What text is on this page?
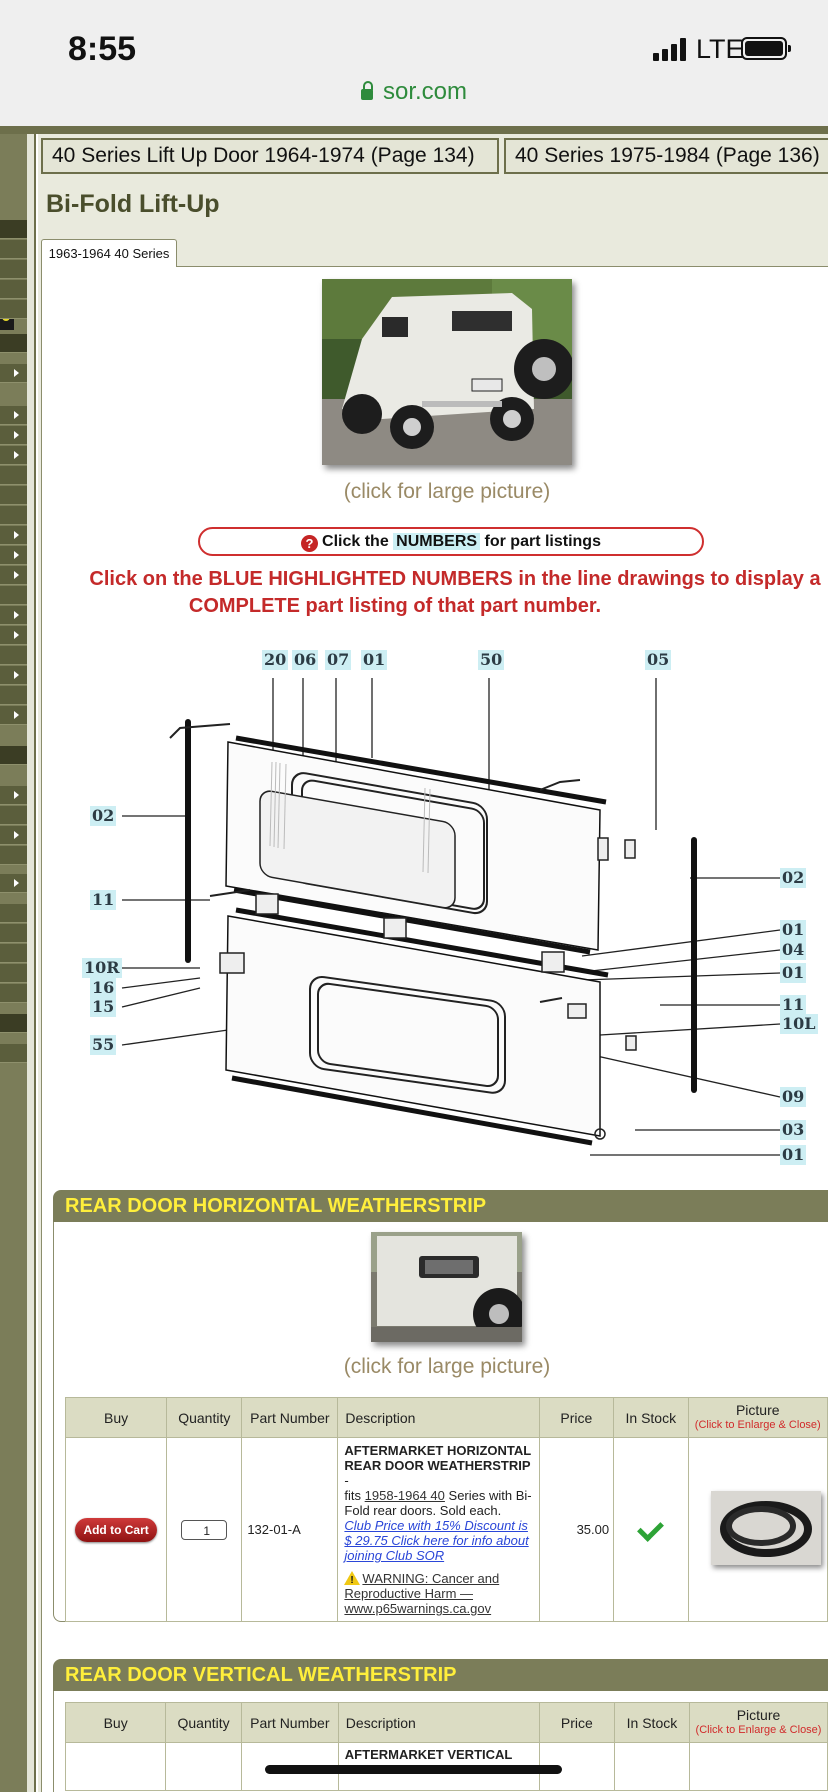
8:55	LTE
sor.com
40 Series Lift Up Door 1964-1974 (Page 134)	40 Series 1975-1984 (Page 136)
Bi-Fold Lift-Up
1963-1964 40 Series
(click for large picture)
? Click the NUMBERS for part listings
Click on the BLUE HIGHLIGHTED NUMBERS in the line drawings to display a
COMPLETE part listing of that part number.
20 06 07 01	50	05
02
11
10R
16
15
55
02
01
04
01
11
10L
09
03
01
REAR DOOR HORIZONTAL WEATHERSTRIP
(click for large picture)
Buy	Quantity	Part Number	Description	Price	In Stock	Picture
(Click to Enlarge & Close)

Add to Cart	1	132-01-A	AFTERMARKET HORIZONTAL REAR DOOR WEATHERSTRIP
-
fits 1958-1964 40 Series with Bi-Fold rear doors. Sold each.
Club Price with 15% Discount is $ 29.75 Click here for info about joining Club SOR

!WARNING: Cancer and Reproductive Harm — www.p65warnings.ca.gov	35.00		
REAR DOOR VERTICAL WEATHERSTRIP
Buy	Quantity	Part Number	Description	Price	In Stock	Picture
(Click to Enlarge & Close)

			AFTERMARKET VERTICAL
